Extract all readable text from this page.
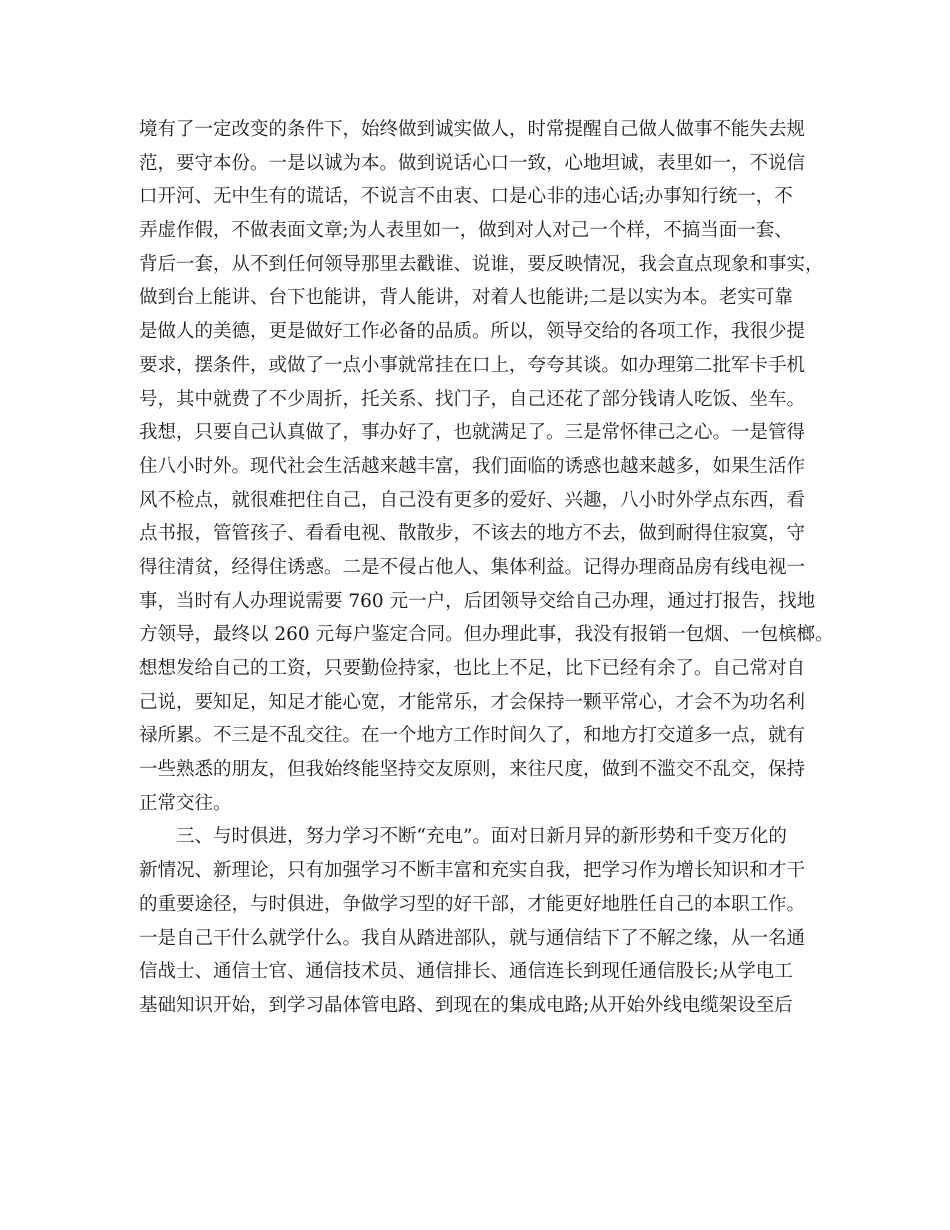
境有了一定改变的条件下，始终做到诚实做人，时常提醒自己做人做事不能失去规
范，要守本份。一是以诚为本。做到说话心口一致，心地坦诚，表里如一，不说信
口开河、无中生有的谎话，不说言不由衷、口是心非的违心话;办事知行统一，不
弄虚作假，不做表面文章;为人表里如一，做到对人对己一个样，不搞当面一套、
背后一套，从不到任何领导那里去戳谁、说谁，要反映情况，我会直点现象和事实，
做到台上能讲、台下也能讲，背人能讲，对着人也能讲;二是以实为本。老实可靠
是做人的美德，更是做好工作必备的品质。所以，领导交给的各项工作，我很少提
要求，摆条件，或做了一点小事就常挂在口上，夸夸其谈。如办理第二批军卡手机
号，其中就费了不少周折，托关系、找门子，自己还花了部分钱请人吃饭、坐车。
我想，只要自己认真做了，事办好了，也就满足了。三是常怀律己之心。一是管得
住八小时外。现代社会生活越来越丰富，我们面临的诱惑也越来越多，如果生活作
风不检点，就很难把住自己，自己没有更多的爱好、兴趣，八小时外学点东西，看
点书报，管管孩子、看看电视、散散步，不该去的地方不去，做到耐得住寂寞，守
得往清贫，经得住诱惑。二是不侵占他人、集体利益。记得办理商品房有线电视一
事，当时有人办理说需要 760 元一户，后团领导交给自己办理，通过打报告，找地
方领导，最终以 260 元每户鉴定合同。但办理此事，我没有报销一包烟、一包槟榔。
想想发给自己的工资，只要勤俭持家，也比上不足，比下已经有余了。自己常对自
己说，要知足，知足才能心宽，才能常乐，才会保持一颗平常心，才会不为功名利
禄所累。不三是不乱交往。在一个地方工作时间久了，和地方打交道多一点，就有
一些熟悉的朋友，但我始终能坚持交友原则，来往尺度，做到不滥交不乱交，保持
正常交往。
三、与时俱进，努力学习不断“充电”。面对日新月异的新形势和千变万化的
新情况、新理论，只有加强学习不断丰富和充实自我，把学习作为增长知识和才干
的重要途径，与时俱进，争做学习型的好干部，才能更好地胜任自己的本职工作。
一是自己干什么就学什么。我自从踏进部队，就与通信结下了不解之缘，从一名通
信战士、通信士官、通信技术员、通信排长、通信连长到现任通信股长;从学电工
基础知识开始，到学习晶体管电路、到现在的集成电路;从开始外线电缆架设至后
